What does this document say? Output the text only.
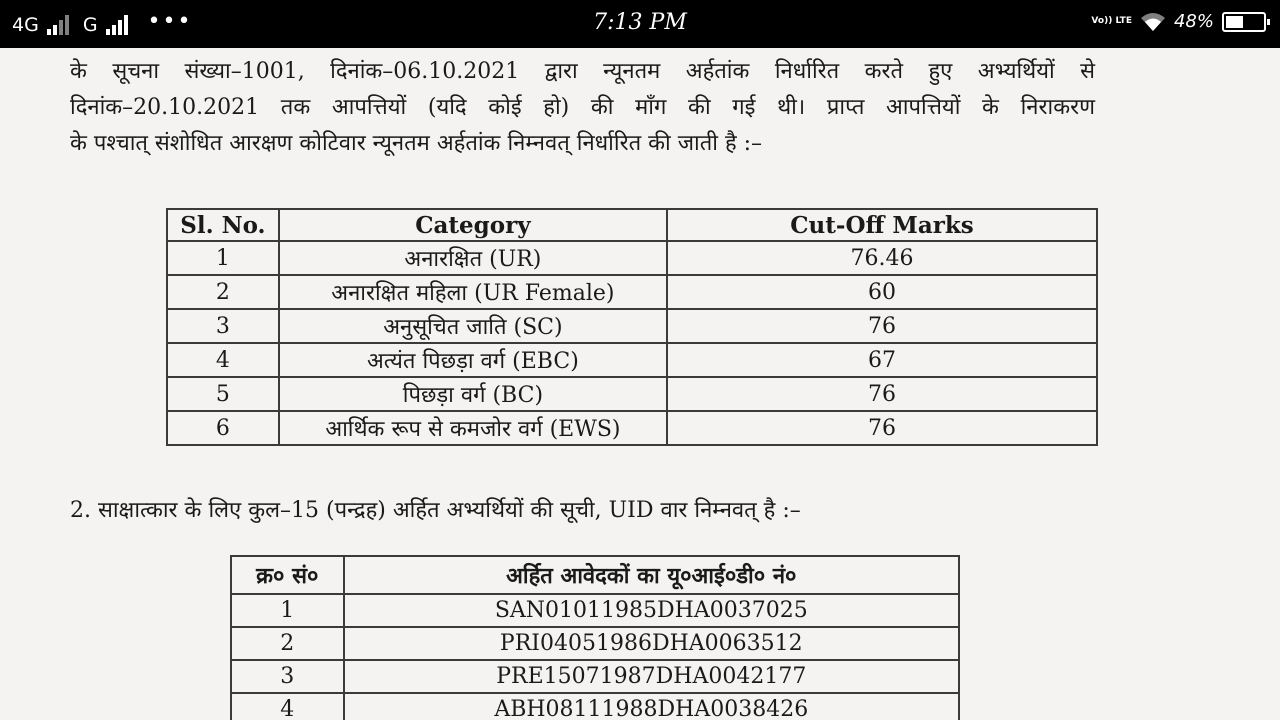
4G G •••	7:13 PM	Vo)) LTE 48%
के सूचना संख्या–1001, दिनांक–06.10.2021 द्वारा न्यूनतम अर्हतांक निर्धारित करते हुए अभ्यर्थियों से
दिनांक–20.10.2021 तक आपत्तियों (यदि कोई हो) की माँग की गई थी। प्राप्त आपत्तियों के निराकरण
के पश्चात् संशोधित आरक्षण कोटिवार न्यूनतम अर्हतांक निम्नवत् निर्धारित की जाती है :–
Sl. No.	Category	Cut-Off Marks
1	अनारक्षित (UR)	76.46
2	अनारक्षित महिला (UR Female)	60
3	अनुसूचित जाति (SC)	76
4	अत्यंत पिछड़ा वर्ग (EBC)	67
5	पिछड़ा वर्ग (BC)	76
6	आर्थिक रूप से कमजोर वर्ग (EWS)	76
2. साक्षात्कार के लिए कुल–15 (पन्द्रह) अर्हित अभ्यर्थियों की सूची, UID वार निम्नवत् है :–
क्र० सं०	अर्हित आवेदकों का यू०आई०डी० नं०
1	SAN01011985DHA0037025
2	PRI04051986DHA0063512
3	PRE15071987DHA0042177
4	ABH08111988DHA0038426
